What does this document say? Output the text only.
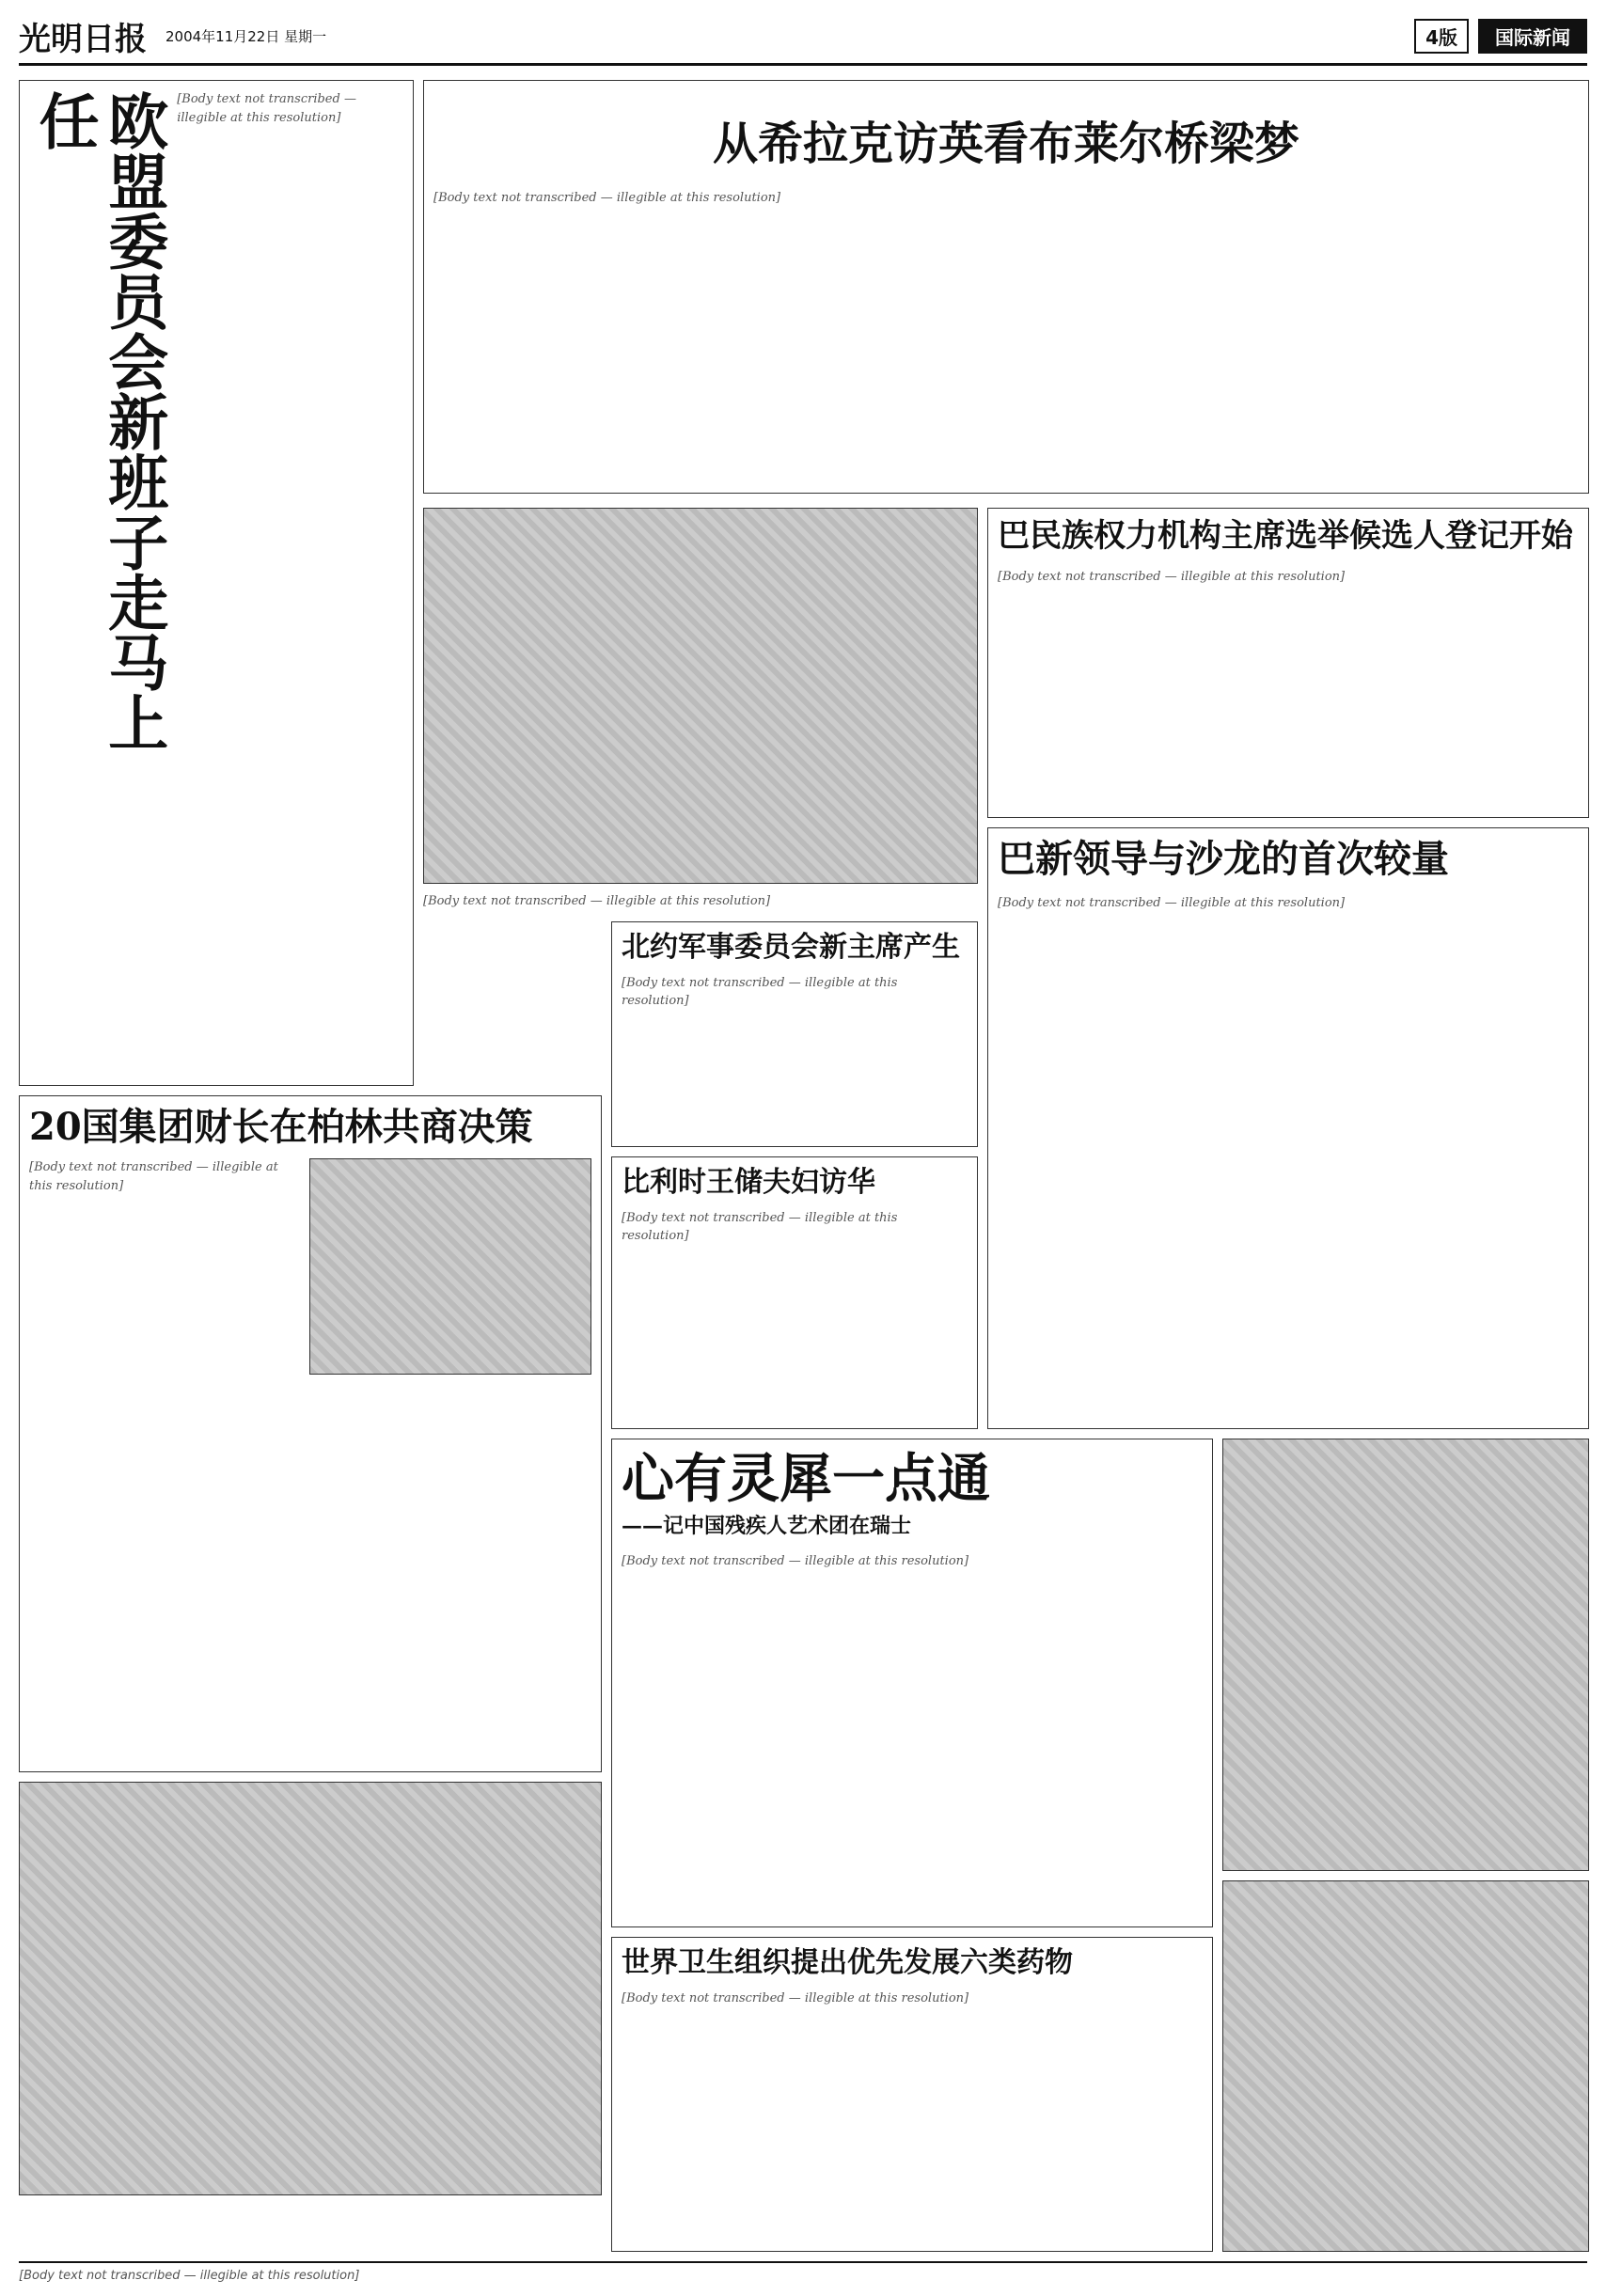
光明日报 2004年11月22日 星期一	4版	国际新闻
欧盟委员会新班子走马上任	[Body text not transcribed — illegible at this resolution]	从希拉克访英看布莱尔桥梁梦
[Body text not transcribed — illegible at this resolution]
[Body text not transcribed — illegible at this resolution]
巴民族权力机构主席选举候选人登记开始
[Body text not transcribed — illegible at this resolution]
巴新领导与沙龙的首次较量
[Body text not transcribed — illegible at this resolution]
北约军事委员会新主席产生
[Body text not transcribed — illegible at this resolution]
比利时王储夫妇访华
[Body text not transcribed — illegible at this resolution]
20国集团财长在柏林共商决策
[Body text not transcribed — illegible at this resolution]
心有灵犀一点通
——记中国残疾人艺术团在瑞士
[Body text not transcribed — illegible at this resolution]
世界卫生组织提出优先发展六类药物
[Body text not transcribed — illegible at this resolution]
[Body text not transcribed — illegible at this resolution]
